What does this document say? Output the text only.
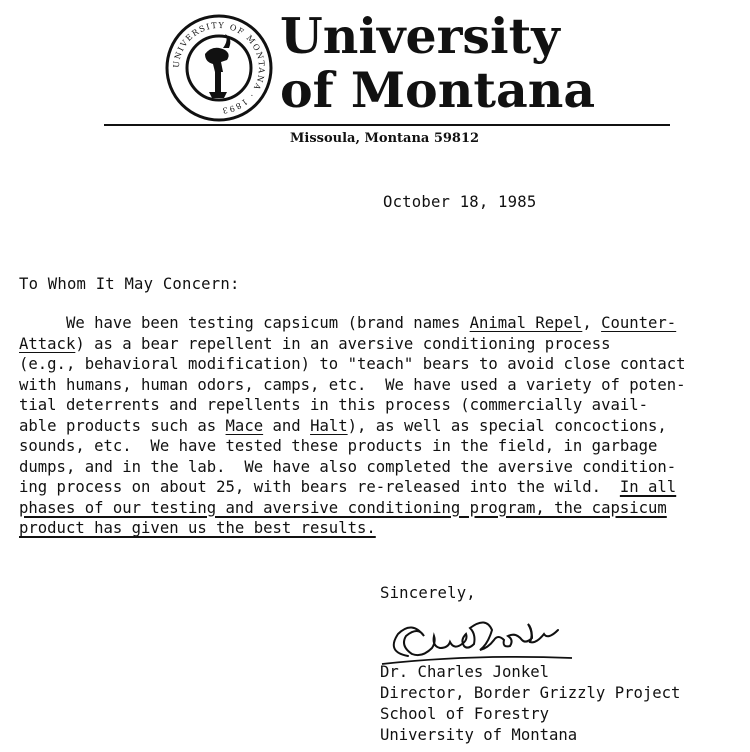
UNIVERSITY OF MONTANA · 1893
University
of Montana
Missoula, Montana 59812
October 18, 1985
To Whom It May Concern:
We have been testing capsicum (brand names Animal Repel, Counter-
Attack) as a bear repellent in an aversive conditioning process
(e.g., behavioral modification) to "teach" bears to avoid close contact
with humans, human odors, camps, etc.  We have used a variety of poten-
tial deterrents and repellents in this process (commercially avail-
able products such as Mace and Halt), as well as special concoctions,
sounds, etc.  We have tested these products in the field, in garbage
dumps, and in the lab.  We have also completed the aversive condition-
ing process on about 25, with bears re-released into the wild.  In all
phases of our testing and aversive conditioning program, the capsicum
product has given us the best results.
Sincerely,
Dr. Charles Jonkel
Director, Border Grizzly Project
School of Forestry
University of Montana
